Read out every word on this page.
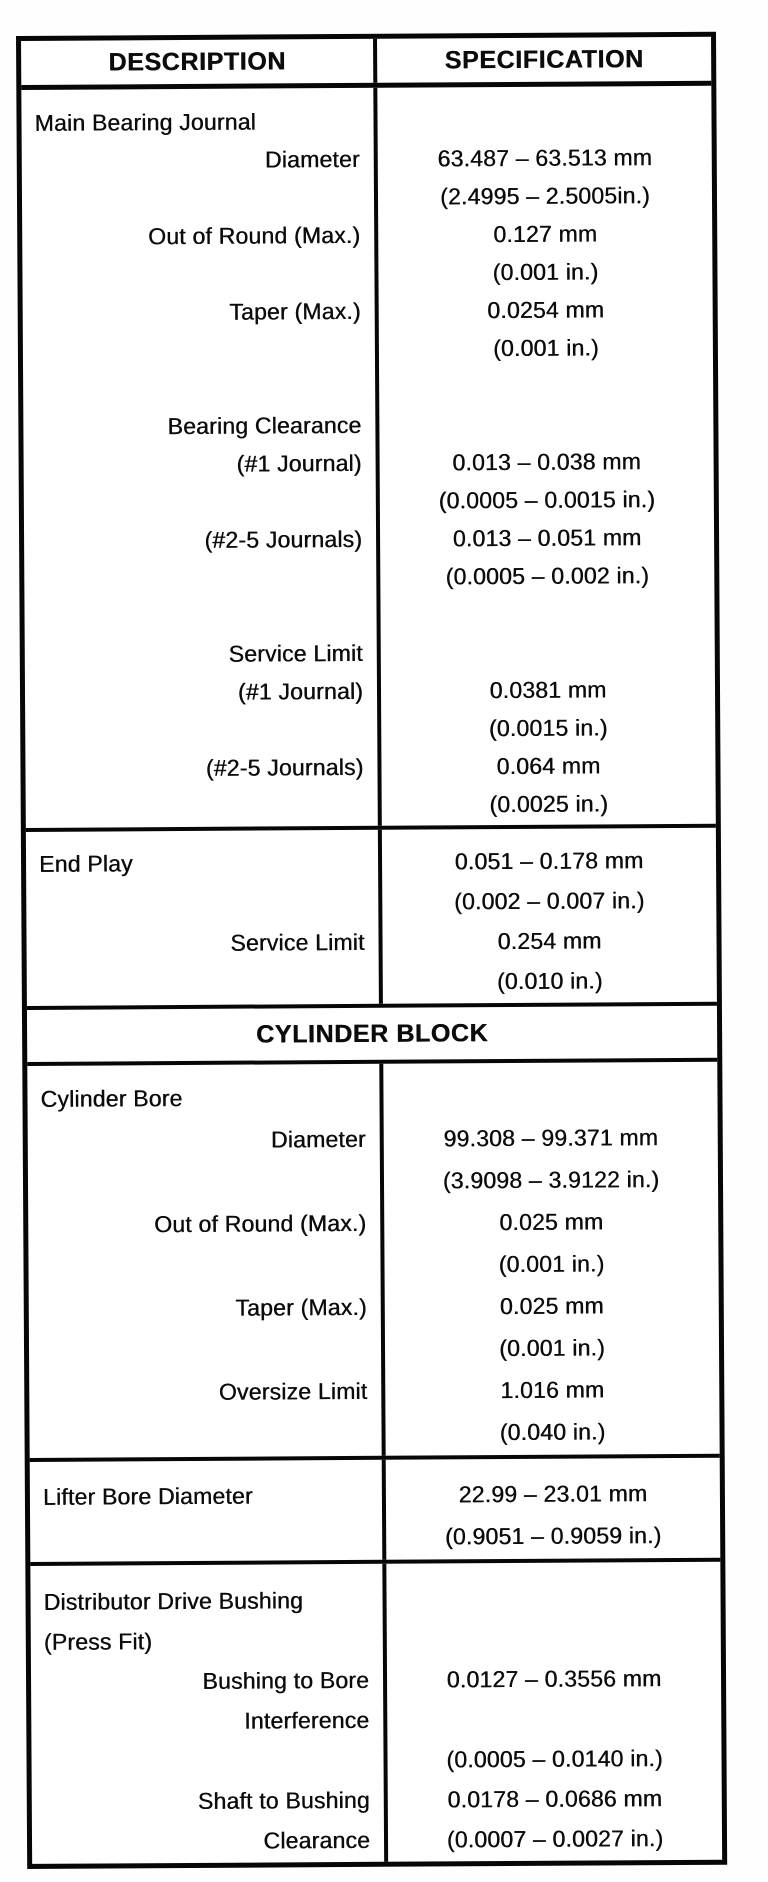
DESCRIPTION	SPECIFICATION
Main Bearing Journal
Diameter
Out of Round (Max.)
Taper (Max.)
Bearing Clearance
(#1 Journal)
(#2-5 Journals)
Service Limit
(#1 Journal)
(#2-5 Journals)
63.487 – 63.513 mm
(2.4995 – 2.5005in.)
0.127 mm
(0.001 in.)
0.0254 mm
(0.001 in.)
0.013 – 0.038 mm
(0.0005 – 0.0015 in.)
0.013 – 0.051 mm
(0.0005 – 0.002 in.)
0.0381 mm
(0.0015 in.)
0.064 mm
(0.0025 in.)
End Play
Service Limit
0.051 – 0.178 mm
(0.002 – 0.007 in.)
0.254 mm
(0.010 in.)
CYLINDER BLOCK
Cylinder Bore
Diameter
Out of Round (Max.)
Taper (Max.)
Oversize Limit
99.308 – 99.371 mm
(3.9098 – 3.9122 in.)
0.025 mm
(0.001 in.)
0.025 mm
(0.001 in.)
1.016 mm
(0.040 in.)
Lifter Bore Diameter	22.99 – 23.01 mm
(0.9051 – 0.9059 in.)
Distributor Drive Bushing
(Press Fit)
Bushing to Bore
Interference
Shaft to Bushing
Clearance
0.0127 – 0.3556 mm
(0.0005 – 0.0140 in.)
0.0178 – 0.0686 mm
(0.0007 – 0.0027 in.)
